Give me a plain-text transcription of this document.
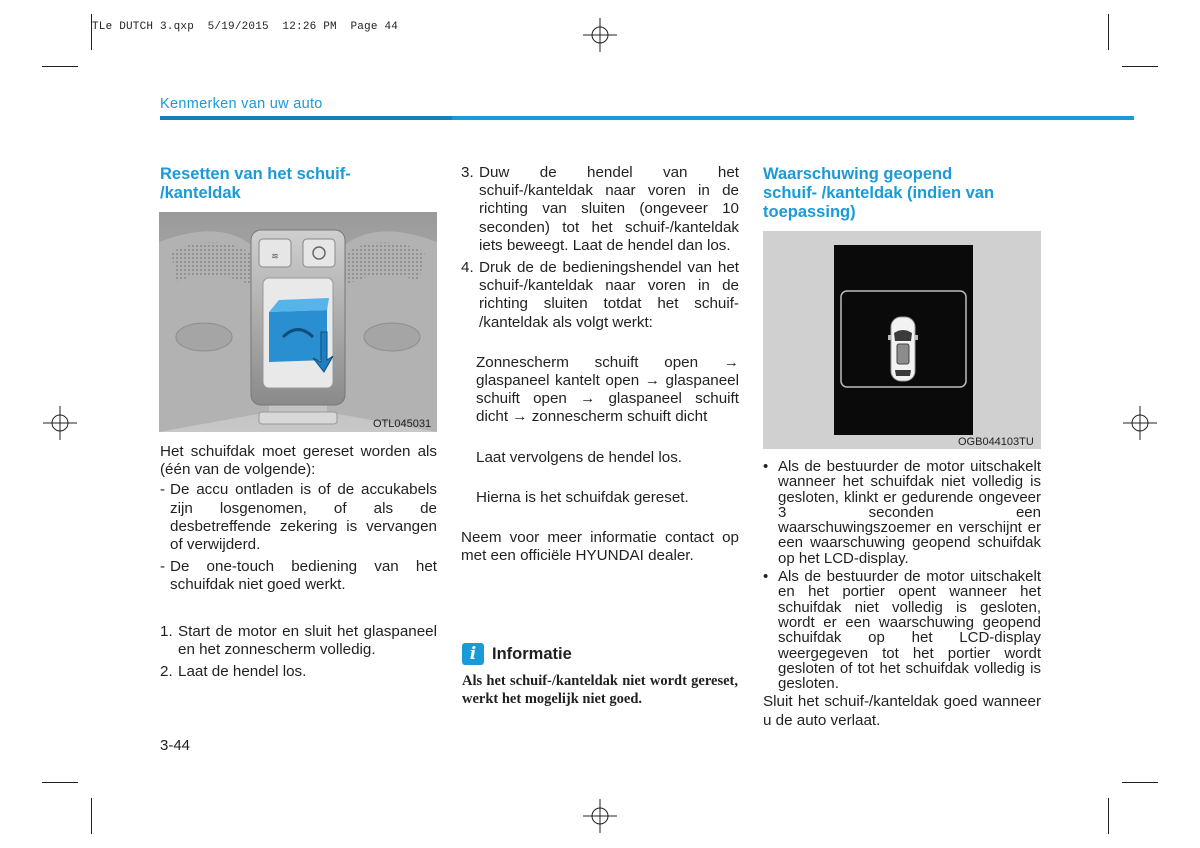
TLe DUTCH 3.qxp  5/19/2015  12:26 PM  Page 44
Kenmerken van uw auto
Resetten van het schuif-
/kanteldak
≋
OTL045031

Het schuifdak moet gereset worden als (één van de volgende):

- De accu ontladen is of de accukabels zijn losgenomen, of als de desbetreffende zekering is vervangen of verwijderd.
- De one-touch bediening van het schuifdak niet goed werkt.
1. Start de motor en sluit het glaspaneel en het zonnescherm volledig.
2. Laat de hendel los.
3-44
3. Duw de hendel van het schuif-/kanteldak naar voren in de richting van sluiten (ongeveer 10 seconden) tot het schuif-/kanteldak iets beweegt. Laat de hendel dan los.
4. Druk de de bedieningshendel van het schuif-/kanteldak naar voren in de richting sluiten totdat het schuif- /kanteldak als volgt werkt:

Zonnescherm schuift open → glaspaneel kantelt open → glaspaneel schuift open → glaspaneel schuift dicht → zonnescherm schuift dicht

Laat vervolgens de hendel los.

Hierna is het schuifdak gereset.

Neem voor meer informatie contact op met een officiële HYUNDAI dealer.

i Informatie
Als het schuif-/kanteldak niet wordt gereset, werkt het mogelijk niet goed.
Waarschuwing geopend schuif- /kanteldak (indien van toepassing)
OGB044103TU
• Als de bestuurder de motor uitschakelt wanneer het schuifdak niet volledig is gesloten, klinkt er gedurende ongeveer 3 seconden een waarschuwingszoemer en verschijnt er een waarschuwing geopend schuifdak op het LCD-display.
• Als de bestuurder de motor uitschakelt en het portier opent wanneer het schuifdak niet volledig is gesloten, wordt er een waarschuwing geopend schuifdak op het LCD-display weergegeven tot het portier wordt gesloten of tot het schuifdak volledig is gesloten.

Sluit het schuif-/kanteldak goed wanneer u de auto verlaat.
